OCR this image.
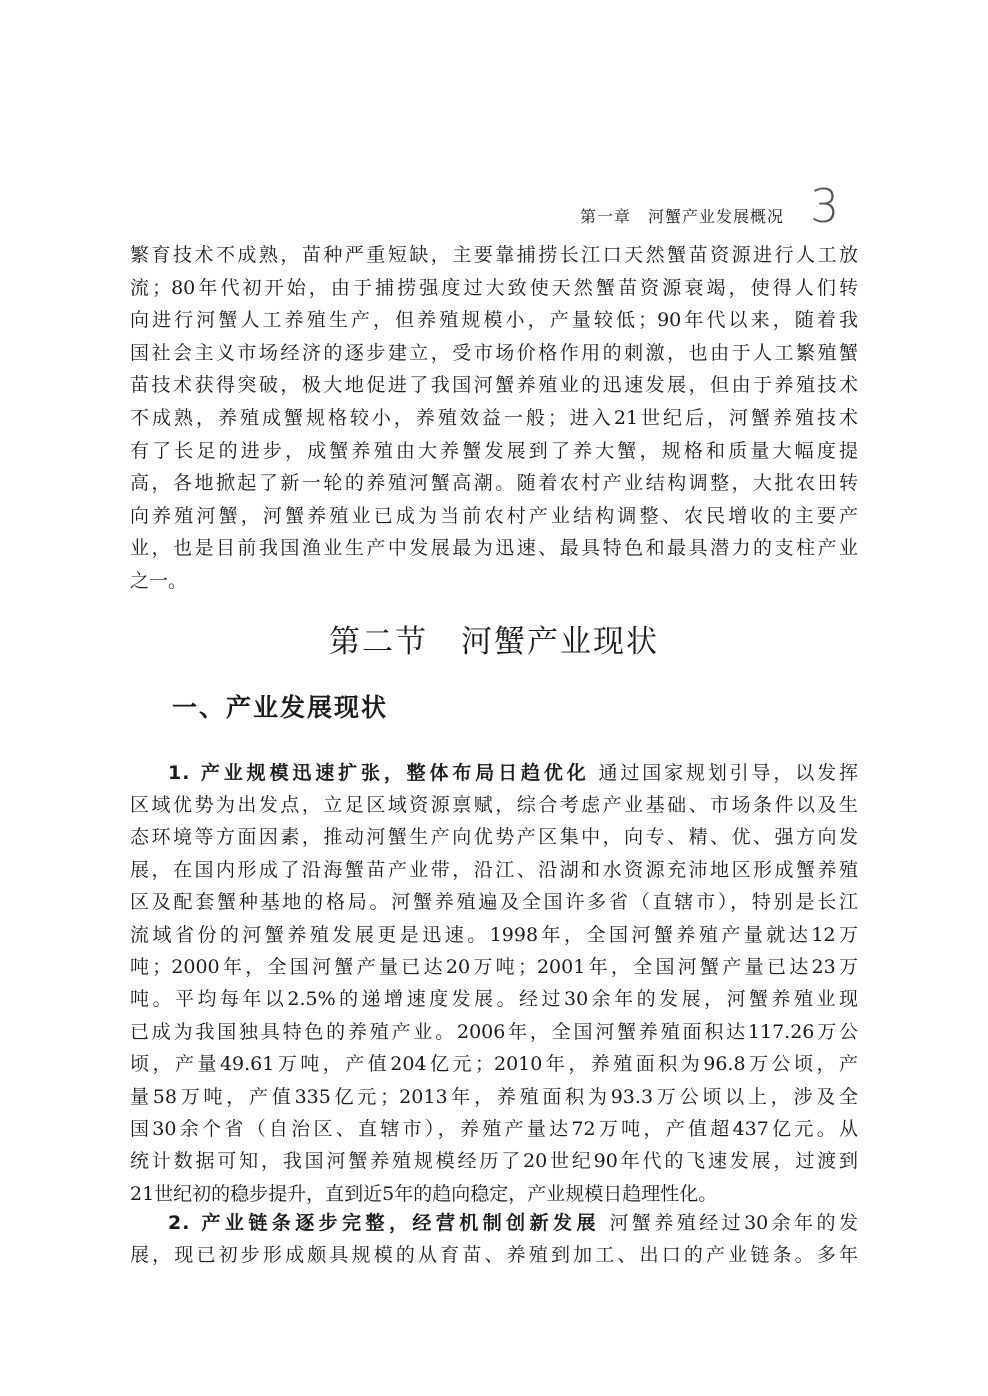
第一章　河蟹产业发展概况 3
繁育技术不成熟，苗种严重短缺，主要靠捕捞长江口天然蟹苗资源进行人工放
流；80年代初开始，由于捕捞强度过大致使天然蟹苗资源衰竭，使得人们转
向进行河蟹人工养殖生产，但养殖规模小，产量较低；90年代以来，随着我
国社会主义市场经济的逐步建立，受市场价格作用的刺激，也由于人工繁殖蟹
苗技术获得突破，极大地促进了我国河蟹养殖业的迅速发展，但由于养殖技术
不成熟，养殖成蟹规格较小，养殖效益一般；进入21世纪后，河蟹养殖技术
有了长足的进步，成蟹养殖由大养蟹发展到了养大蟹，规格和质量大幅度提
高，各地掀起了新一轮的养殖河蟹高潮。随着农村产业结构调整，大批农田转
向养殖河蟹，河蟹养殖业已成为当前农村产业结构调整、农民增收的主要产
业，也是目前我国渔业生产中发展最为迅速、最具特色和最具潜力的支柱产业
之一。
第二节　河蟹产业现状
一、产业发展现状
1. 产业规模迅速扩张，整体布局日趋优化 通过国家规划引导，以发挥
区域优势为出发点，立足区域资源禀赋，综合考虑产业基础、市场条件以及生
态环境等方面因素，推动河蟹生产向优势产区集中，向专、精、优、强方向发
展，在国内形成了沿海蟹苗产业带，沿江、沿湖和水资源充沛地区形成蟹养殖
区及配套蟹种基地的格局。河蟹养殖遍及全国许多省（直辖市），特别是长江
流域省份的河蟹养殖发展更是迅速。1998年，全国河蟹养殖产量就达12万
吨；2000年，全国河蟹产量已达20万吨；2001年，全国河蟹产量已达23万
吨。平均每年以2.5%的递增速度发展。经过30余年的发展，河蟹养殖业现
已成为我国独具特色的养殖产业。2006年，全国河蟹养殖面积达117.26万公
顷，产量49.61万吨，产值204亿元；2010年，养殖面积为96.8万公顷，产
量58万吨，产值335亿元；2013年，养殖面积为93.3万公顷以上，涉及全
国30余个省（自治区、直辖市），养殖产量达72万吨，产值超437亿元。从
统计数据可知，我国河蟹养殖规模经历了20世纪90年代的飞速发展，过渡到
21世纪初的稳步提升，直到近5年的趋向稳定，产业规模日趋理性化。
2. 产业链条逐步完整，经营机制创新发展 河蟹养殖经过30余年的发
展，现已初步形成颇具规模的从育苗、养殖到加工、出口的产业链条。多年
